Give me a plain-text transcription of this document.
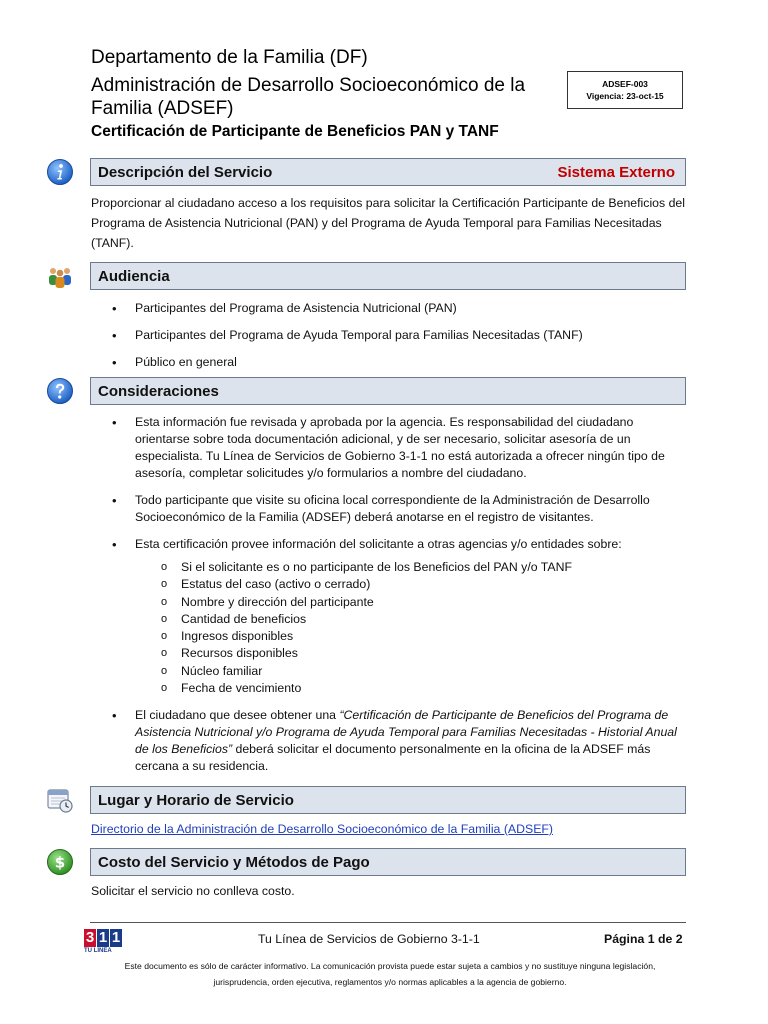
Departamento de la Familia (DF)
Administración de Desarrollo Socioeconómico de la Familia (ADSEF)
Certificación de Participante de Beneficios PAN y TANF
ADSEF-003
Vigencia: 23-oct-15
Descripción del Servicio	Sistema Externo
Proporcionar al ciudadano acceso a los requisitos para solicitar la Certificación Participante de Beneficios del Programa de Asistencia Nutricional (PAN) y del Programa de Ayuda Temporal para Familias Necesitadas (TANF).
Audiencia
• Participantes del Programa de Asistencia Nutricional (PAN)
• Participantes del Programa de Ayuda Temporal para Familias Necesitadas (TANF)
• Público en general
Consideraciones
• Esta información fue revisada y aprobada por la agencia. Es responsabilidad del ciudadano orientarse sobre toda documentación adicional, y de ser necesario, solicitar asesoría de un especialista. Tu Línea de Servicios de Gobierno 3-1-1 no está autorizada a ofrecer ningún tipo de asesoría, completar solicitudes y/o formularios a nombre del ciudadano.
• Todo participante que visite su oficina local correspondiente de la Administración de Desarrollo Socioeconómico de la Familia (ADSEF) deberá anotarse en el registro de visitantes.
• Esta certificación provee información del solicitante a otras agencias y/o entidades sobre:
o Si el solicitante es o no participante de los Beneficios del PAN y/o TANF
o Estatus del caso (activo o cerrado)
o Nombre y dirección del participante
o Cantidad de beneficios
o Ingresos disponibles
o Recursos disponibles
o Núcleo familiar
o Fecha de vencimiento
• El ciudadano que desee obtener una “Certificación de Participante de Beneficios del Programa de Asistencia Nutricional y/o Programa de Ayuda Temporal para Familias Necesitadas - Historial Anual de los Beneficios” deberá solicitar el documento personalmente en la oficina de la ADSEF más cercana a su residencia.
Lugar y Horario de Servicio
Directorio de la Administración de Desarrollo Socioeconómico de la Familia (ADSEF)
$ Costo del Servicio y Métodos de Pago
Solicitar el servicio no conlleva costo.
3 1 1
TU LÍNEA
Tu Línea de Servicios de Gobierno 3-1-1	Página 1 de 2
Este documento es sólo de carácter informativo. La comunicación provista puede estar sujeta a cambios y no sustituye ninguna legislación,
jurisprudencia, orden ejecutiva, reglamentos y/o normas aplicables a la agencia de gobierno.
